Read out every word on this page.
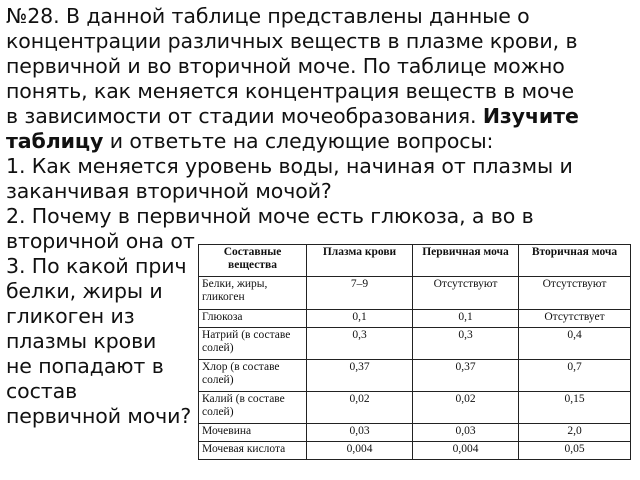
№28. В данной таблице представлены данные о
концентрации различных веществ в плазме крови, в
первичной и во вторичной моче. По таблице можно
понять, как меняется концентрация веществ в моче
в зависимости от стадии мочеобразования. Изучите
таблицу и ответьте на следующие вопросы:
1. Как меняется уровень воды, начиная от плазмы и
заканчивая вторичной мочой?
2. Почему в первичной моче есть глюкоза, а во в
вторичной она от
3. По какой прич
белки, жиры и
гликоген из
плазмы крови
не попадают в
состав
первичной мочи?
Составные вещества	Плазма крови	Первичная моча	Вторичная моча
Белки, жиры, гликоген	7–9	Отсутствуют	Отсутствуют
Глюкоза	0,1	0,1	Отсутствует
Натрий (в составе солей)	0,3	0,3	0,4
Хлор (в составе солей)	0,37	0,37	0,7
Калий (в составе солей)	0,02	0,02	0,15
Мочевина	0,03	0,03	2,0
Мочевая кислота	0,004	0,004	0,05
